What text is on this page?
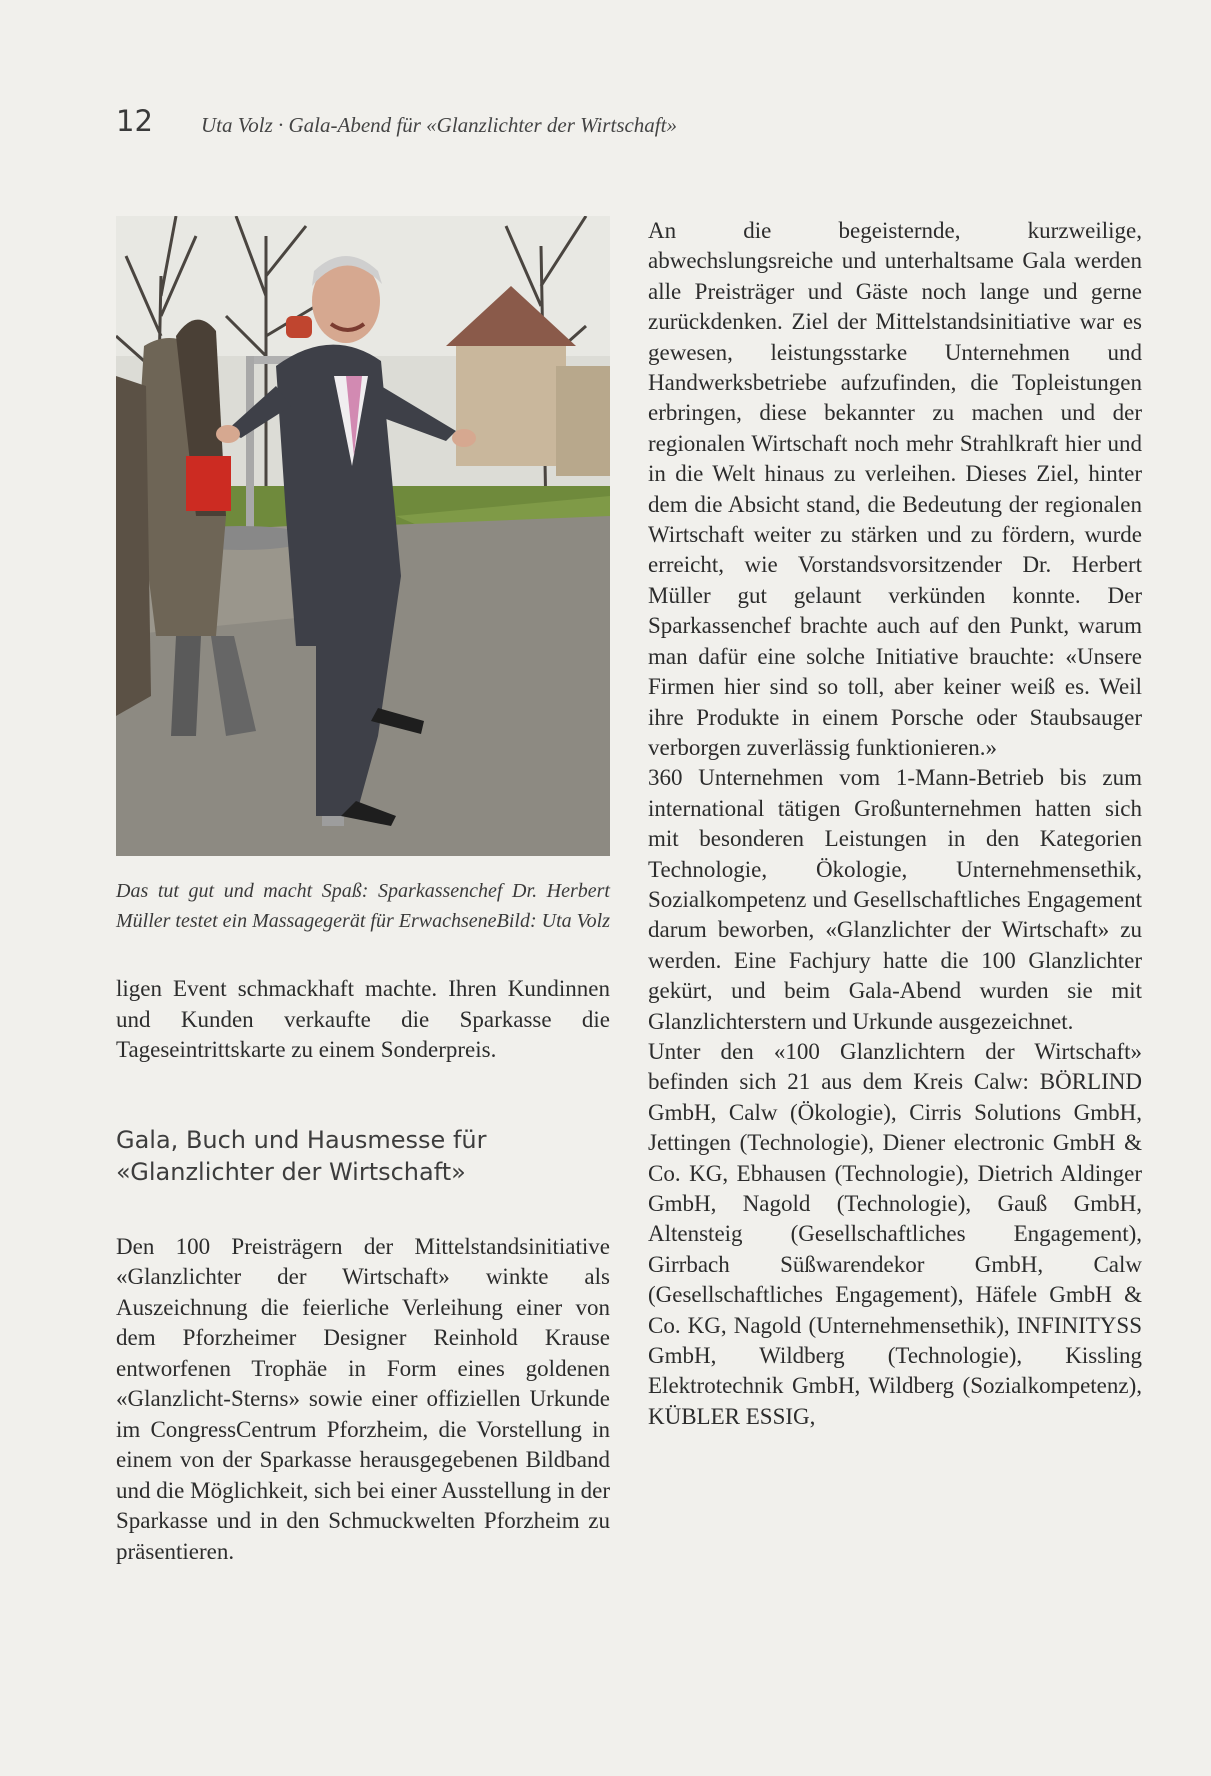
12 Uta Volz · Gala-Abend für «Glanzlichter der Wirtschaft»
Das tut gut und macht Spaß: Sparkassenchef Dr. Herbert Müller testet ein Massagegerät für Erwachsene.
Bild: Uta Volz

ligen Event schmackhaft machte. Ihren Kundinnen und Kunden verkaufte die Sparkasse die Tageseintrittskarte zu einem Sonderpreis.

Gala, Buch und Hausmesse für «Glanzlichter der Wirtschaft»

Den 100 Preisträgern der Mittelstandsinitiative «Glanzlichter der Wirtschaft» winkte als Auszeichnung die feierliche Verleihung einer von dem Pforzheimer Designer Reinhold Krause entworfenen Trophäe in Form eines goldenen «Glanzlicht-Sterns» sowie einer offiziellen Urkunde im CongressCentrum Pforzheim, die Vorstellung in einem von der Sparkasse herausgegebenen Bildband und die Möglichkeit, sich bei einer Ausstellung in der Sparkasse und in den Schmuckwelten Pforzheim zu präsentieren.

An die begeisternde, kurzweilige, abwechslungsreiche und unterhaltsame Gala werden alle Preisträger und Gäste noch lange und gerne zurückdenken. Ziel der Mittelstandsinitiative war es gewesen, leistungsstarke Unternehmen und Handwerksbetriebe aufzufinden, die Topleistungen erbringen, diese bekannter zu machen und der regionalen Wirtschaft noch mehr Strahlkraft hier und in die Welt hinaus zu verleihen. Dieses Ziel, hinter dem die Absicht stand, die Bedeutung der regionalen Wirtschaft weiter zu stärken und zu fördern, wurde erreicht, wie Vorstandsvorsitzender Dr. Herbert Müller gut gelaunt verkünden konnte. Der Sparkassenchef brachte auch auf den Punkt, warum man dafür eine solche Initiative brauchte: «Unsere Firmen hier sind so toll, aber keiner weiß es. Weil ihre Produkte in einem Porsche oder Staubsauger verborgen zuverlässig funktionieren.»

360 Unternehmen vom 1-Mann-Betrieb bis zum international tätigen Großunternehmen hatten sich mit besonderen Leistungen in den Kategorien Technologie, Ökologie, Unternehmensethik, Sozialkompetenz und Gesellschaftliches Engagement darum beworben, «Glanzlichter der Wirtschaft» zu werden. Eine Fachjury hatte die 100 Glanzlichter gekürt, und beim Gala-Abend wurden sie mit Glanzlichterstern und Urkunde ausgezeichnet.

Unter den «100 Glanzlichtern der Wirtschaft» befinden sich 21 aus dem Kreis Calw: BÖRLIND GmbH, Calw (Ökologie), Cirris Solutions GmbH, Jettingen (Technologie), Diener electronic GmbH & Co. KG, Ebhausen (Technologie), Dietrich Aldinger GmbH, Nagold (Technologie), Gauß GmbH, Altensteig (Gesellschaftliches Engagement), Girrbach Süßwarendekor GmbH, Calw (Gesellschaftliches Engagement), Häfele GmbH & Co. KG, Nagold (Unternehmensethik), INFINITYSS GmbH, Wildberg (Technologie), Kissling Elektrotechnik GmbH, Wildberg (Sozialkompetenz), KÜBLER ESSIG,
